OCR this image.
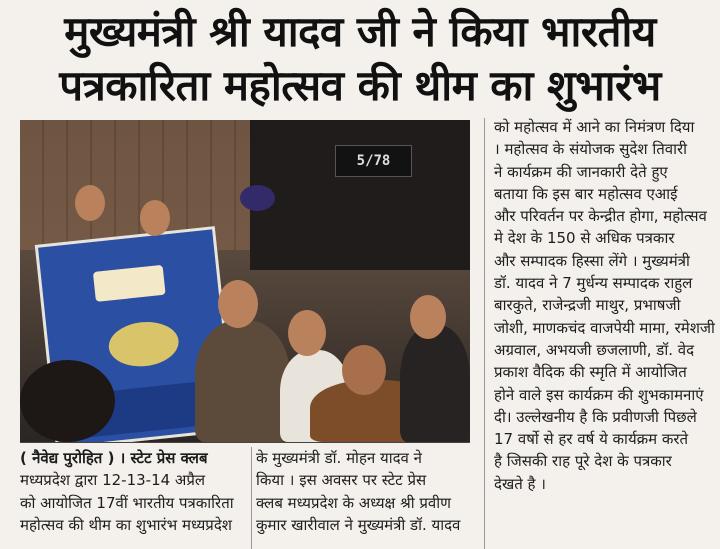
मुख्यमंत्री श्री यादव जी ने किया भारतीय
पत्रकारिता महोत्सव की थीम का शुभारंभ
5/78
( नैवेद्य पुरोहित ) । स्टेट प्रेस क्लब
मध्यप्रदेश द्वारा 12-13-14 अप्रैल
को आयोजित 17वीं भारतीय पत्रकारिता
महोत्सव की थीम का शुभारंभ मध्यप्रदेश
के मुख्यमंत्री डॉ. मोहन यादव ने
किया । इस अवसर पर स्टेट प्रेस
क्लब मध्यप्रदेश के अध्यक्ष श्री प्रवीण
कुमार खारीवाल ने मुख्यमंत्री डॉ. यादव
को महोत्सव में आने का निमंत्रण दिया
। महोत्सव के संयोजक सुदेश तिवारी
ने कार्यक्रम की जानकारी देते हुए
बताया कि इस बार महोत्सव एआई
और परिवर्तन पर केन्द्रीत होगा, महोत्सव
मे देश के 150 से अधिक पत्रकार
और सम्पादक हिस्सा लेंगे । मुख्यमंत्री
डॉ. यादव ने 7 मुर्धन्य सम्पादक राहुल
बारकुते, राजेन्द्रजी माथुर, प्रभाषजी
जोशी, माणकचंद वाजपेयी मामा, रमेशजी
अग्रवाल, अभयजी छजलाणी, डॉ. वेद
प्रकाश वैदिक की स्मृति में आयोजित
होने वाले इस कार्यक्रम की शुभकामनाएं
दी। उल्लेखनीय है कि प्रवीणजी पिछले
17 वर्षो से हर वर्ष ये कार्यक्रम करते
है जिसकी राह पूरे देश के पत्रकार
देखते है ।
